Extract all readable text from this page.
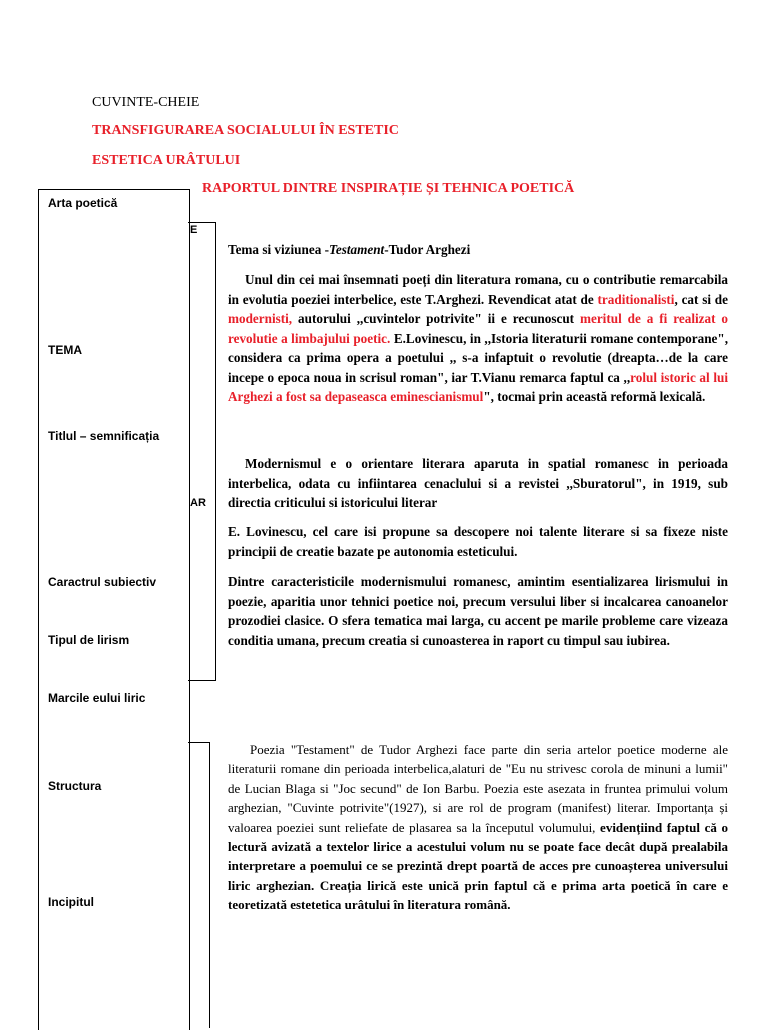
CUVINTE-CHEIE
TRANSFIGURAREA SOCIALULUI ÎN ESTETIC
ESTETICA URÂTULUI
RAPORTUL DINTRE INSPIRAȚIE ȘI TEHNICA POETICĂ
Arta poetică
TEMA
Titlul – semnificația
Caractrul subiectiv
Tipul de lirism
Marcile eului liric
Structura
Incipitul
E
AR
Tema si viziunea -Testament-Tudor Arghezi
Unul din cei mai însemnati poeți din literatura romana, cu o contributie remarcabila in evolutia poeziei interbelice, este T.Arghezi. Revendicat atat de traditionalisti, cat si de modernisti, autorului ,,cuvintelor potrivite" ii e recunoscut meritul de a fi realizat o revolutie a limbajului poetic. E.Lovinescu, in ,,Istoria literaturii romane contemporane", considera ca prima opera a poetului ,, s-a infaptuit o revolutie (dreapta…de la care incepe o epoca noua in scrisul roman", iar T.Vianu remarca faptul ca ,,rolul istoric al lui Arghezi a fost sa depaseasca eminescianismul", tocmai prin această reformă lexicală.
Modernismul e o orientare literara aparuta in spatial romanesc in perioada interbelica, odata cu infiintarea cenaclului si a revistei ,,Sburatorul", in 1919, sub directia criticului si istoricului literar
E. Lovinescu, cel care isi propune sa descopere noi talente literare si sa fixeze niste principii de creatie bazate pe autonomia esteticului.
Dintre caracteristicile modernismului romanesc, amintim esentializarea lirismului in poezie, aparitia unor tehnici poetice noi, precum versului liber si incalcarea canoanelor prozodiei clasice. O sfera tematica mai larga, cu accent pe marile probleme care vizeaza conditia umana, precum creatia si cunoasterea in raport cu timpul sau iubirea.
Poezia "Testament" de Tudor Arghezi face parte din seria artelor poetice moderne ale literaturii romane din perioada interbelica,alaturi de "Eu nu strivesc corola de minuni a lumii" de Lucian Blaga si "Joc secund" de Ion Barbu. Poezia este asezata in fruntea primului volum arghezian, "Cuvinte potrivite"(1927), si are rol de program (manifest) literar. Importanța și valoarea poeziei sunt reliefate de plasarea sa la începutul volumului, evidențiind faptul că o lectură avizată a textelor lirice a acestului volum nu se poate face decât după prealabila interpretare a poemului ce se prezintă drept poartă de acces pre cunoașterea universului liric arghezian. Creația lirică este unică prin faptul că e prima arta poetică în care e teoretizată estetetica urâtului în literatura română.
